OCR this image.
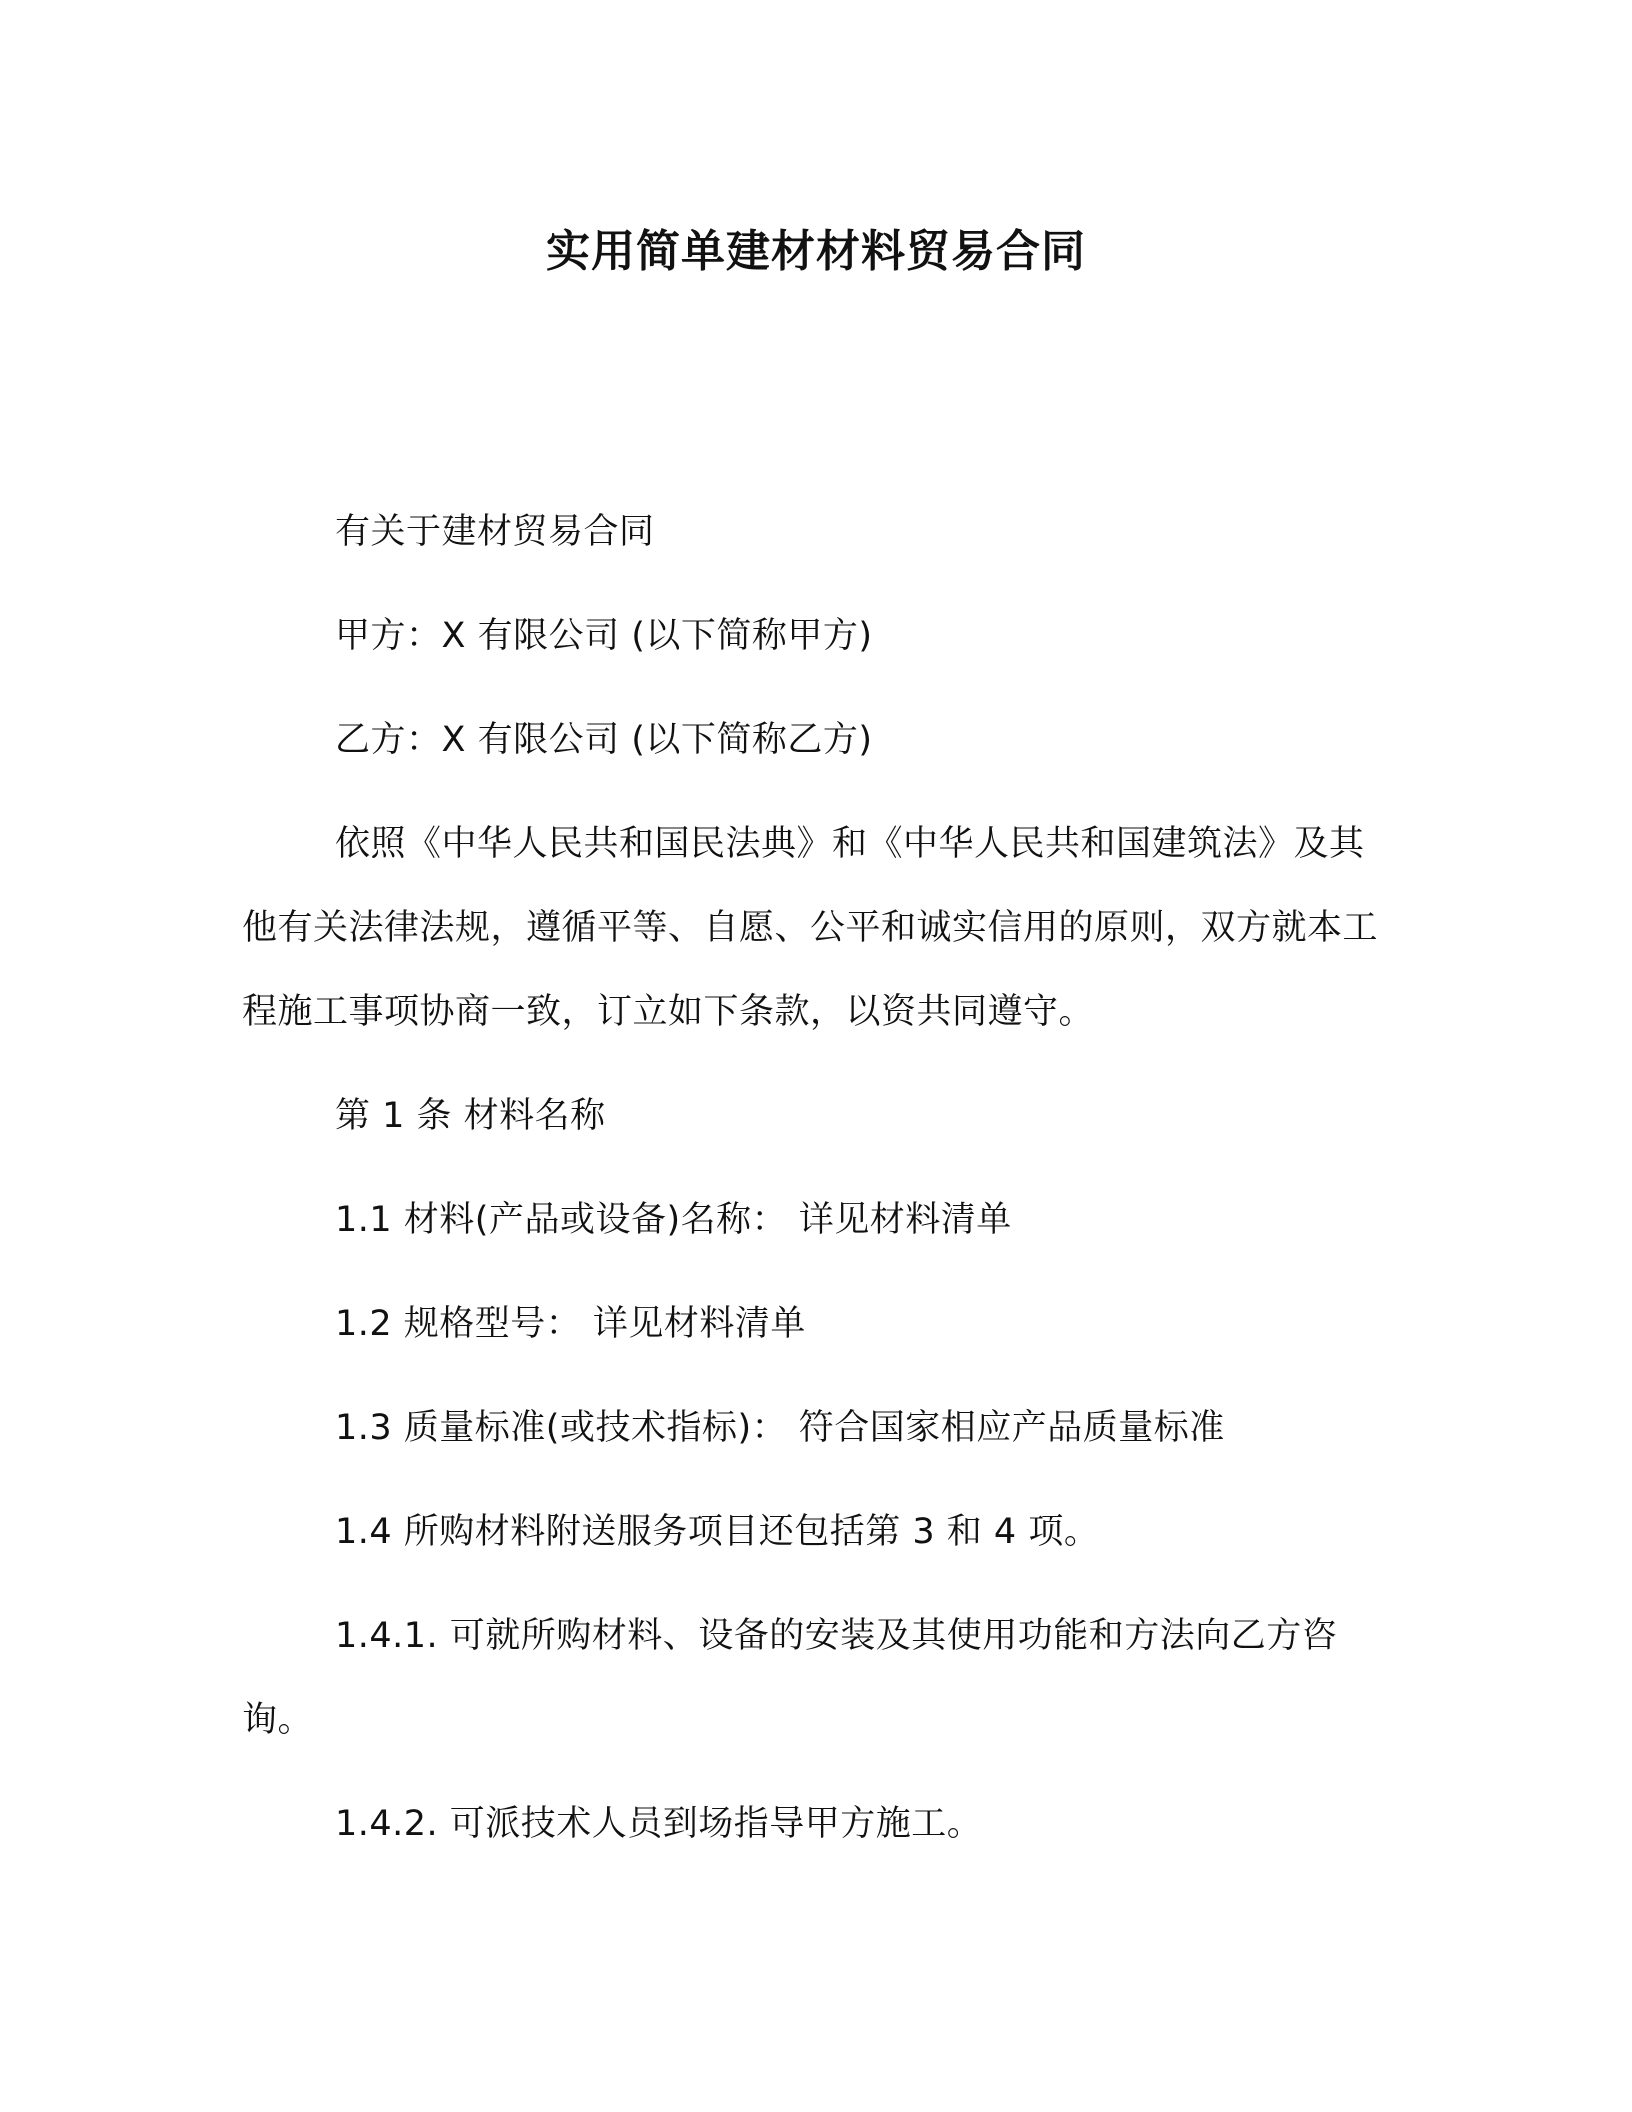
实用简单建材材料贸易合同

有关于建材贸易合同

甲方：X 有限公司 (以下简称甲方)

乙方：X 有限公司 (以下简称乙方)

依照《中华人民共和国民法典》和《中华人民共和国建筑法》及其他有关法律法规，遵循平等、自愿、公平和诚实信用的原则，双方就本工程施工事项协商一致，订立如下条款，以资共同遵守。

第 1 条 材料名称

1.1 材料(产品或设备)名称： 详见材料清单

1.2 规格型号： 详见材料清单

1.3 质量标准(或技术指标)： 符合国家相应产品质量标准

1.4 所购材料附送服务项目还包括第 3 和 4 项。

1.4.1. 可就所购材料、设备的安装及其使用功能和方法向乙方咨询。

1.4.2. 可派技术人员到场指导甲方施工。
